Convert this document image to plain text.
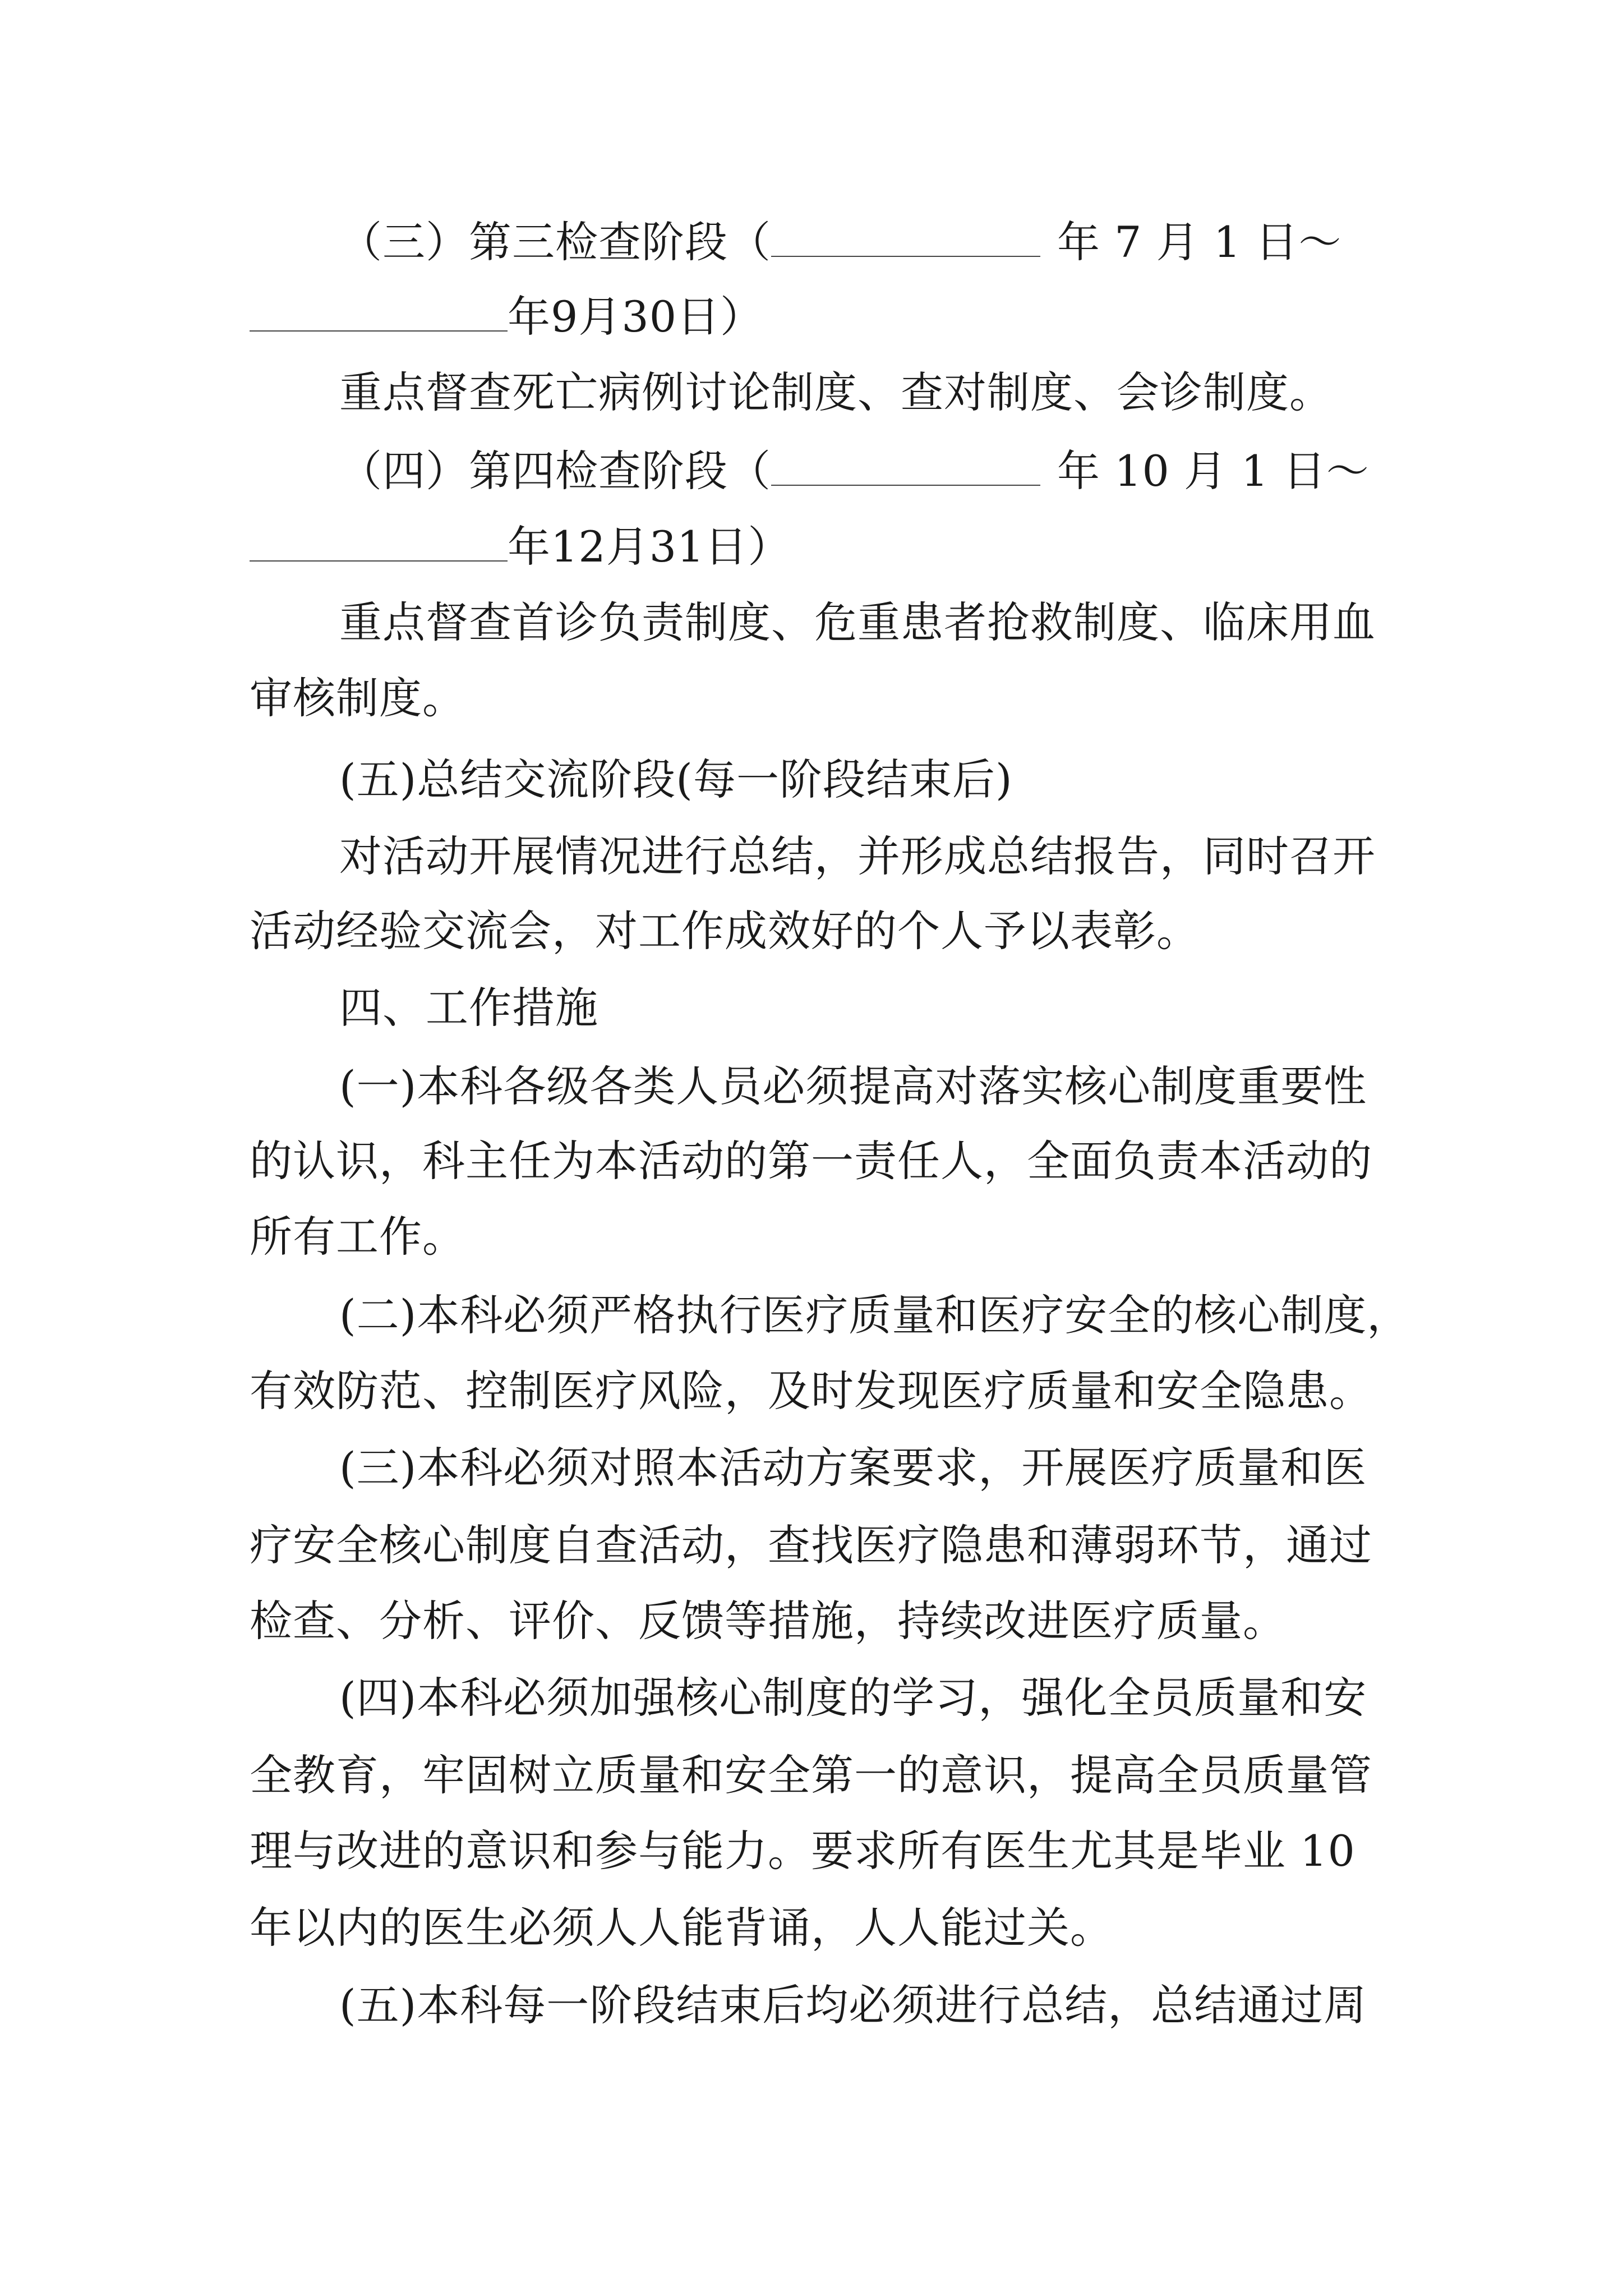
（三）第三检查阶段（	年 7 月 1 日～
年9月30日）
重点督查死亡病例讨论制度、查对制度、会诊制度。
（四）第四检查阶段（	年 10 月 1 日～
年12月31日）
重点督查首诊负责制度、危重患者抢救制度、临床用血
审核制度。
(五)总结交流阶段(每一阶段结束后)
对活动开展情况进行总结，并形成总结报告，同时召开
活动经验交流会，对工作成效好的个人予以表彰。
四、工作措施
(一)本科各级各类人员必须提高对落实核心制度重要性
的认识，科主任为本活动的第一责任人，全面负责本活动的
所有工作。
(二)本科必须严格执行医疗质量和医疗安全的核心制度，
有效防范、控制医疗风险，及时发现医疗质量和安全隐患。
(三)本科必须对照本活动方案要求，开展医疗质量和医
疗安全核心制度自查活动，查找医疗隐患和薄弱环节，通过
检查、分析、评价、反馈等措施，持续改进医疗质量。
(四)本科必须加强核心制度的学习，强化全员质量和安
全教育，牢固树立质量和安全第一的意识，提高全员质量管
理与改进的意识和参与能力。要求所有医生尤其是毕业 10
年以内的医生必须人人能背诵，人人能过关。
(五)本科每一阶段结束后均必须进行总结，总结通过周
